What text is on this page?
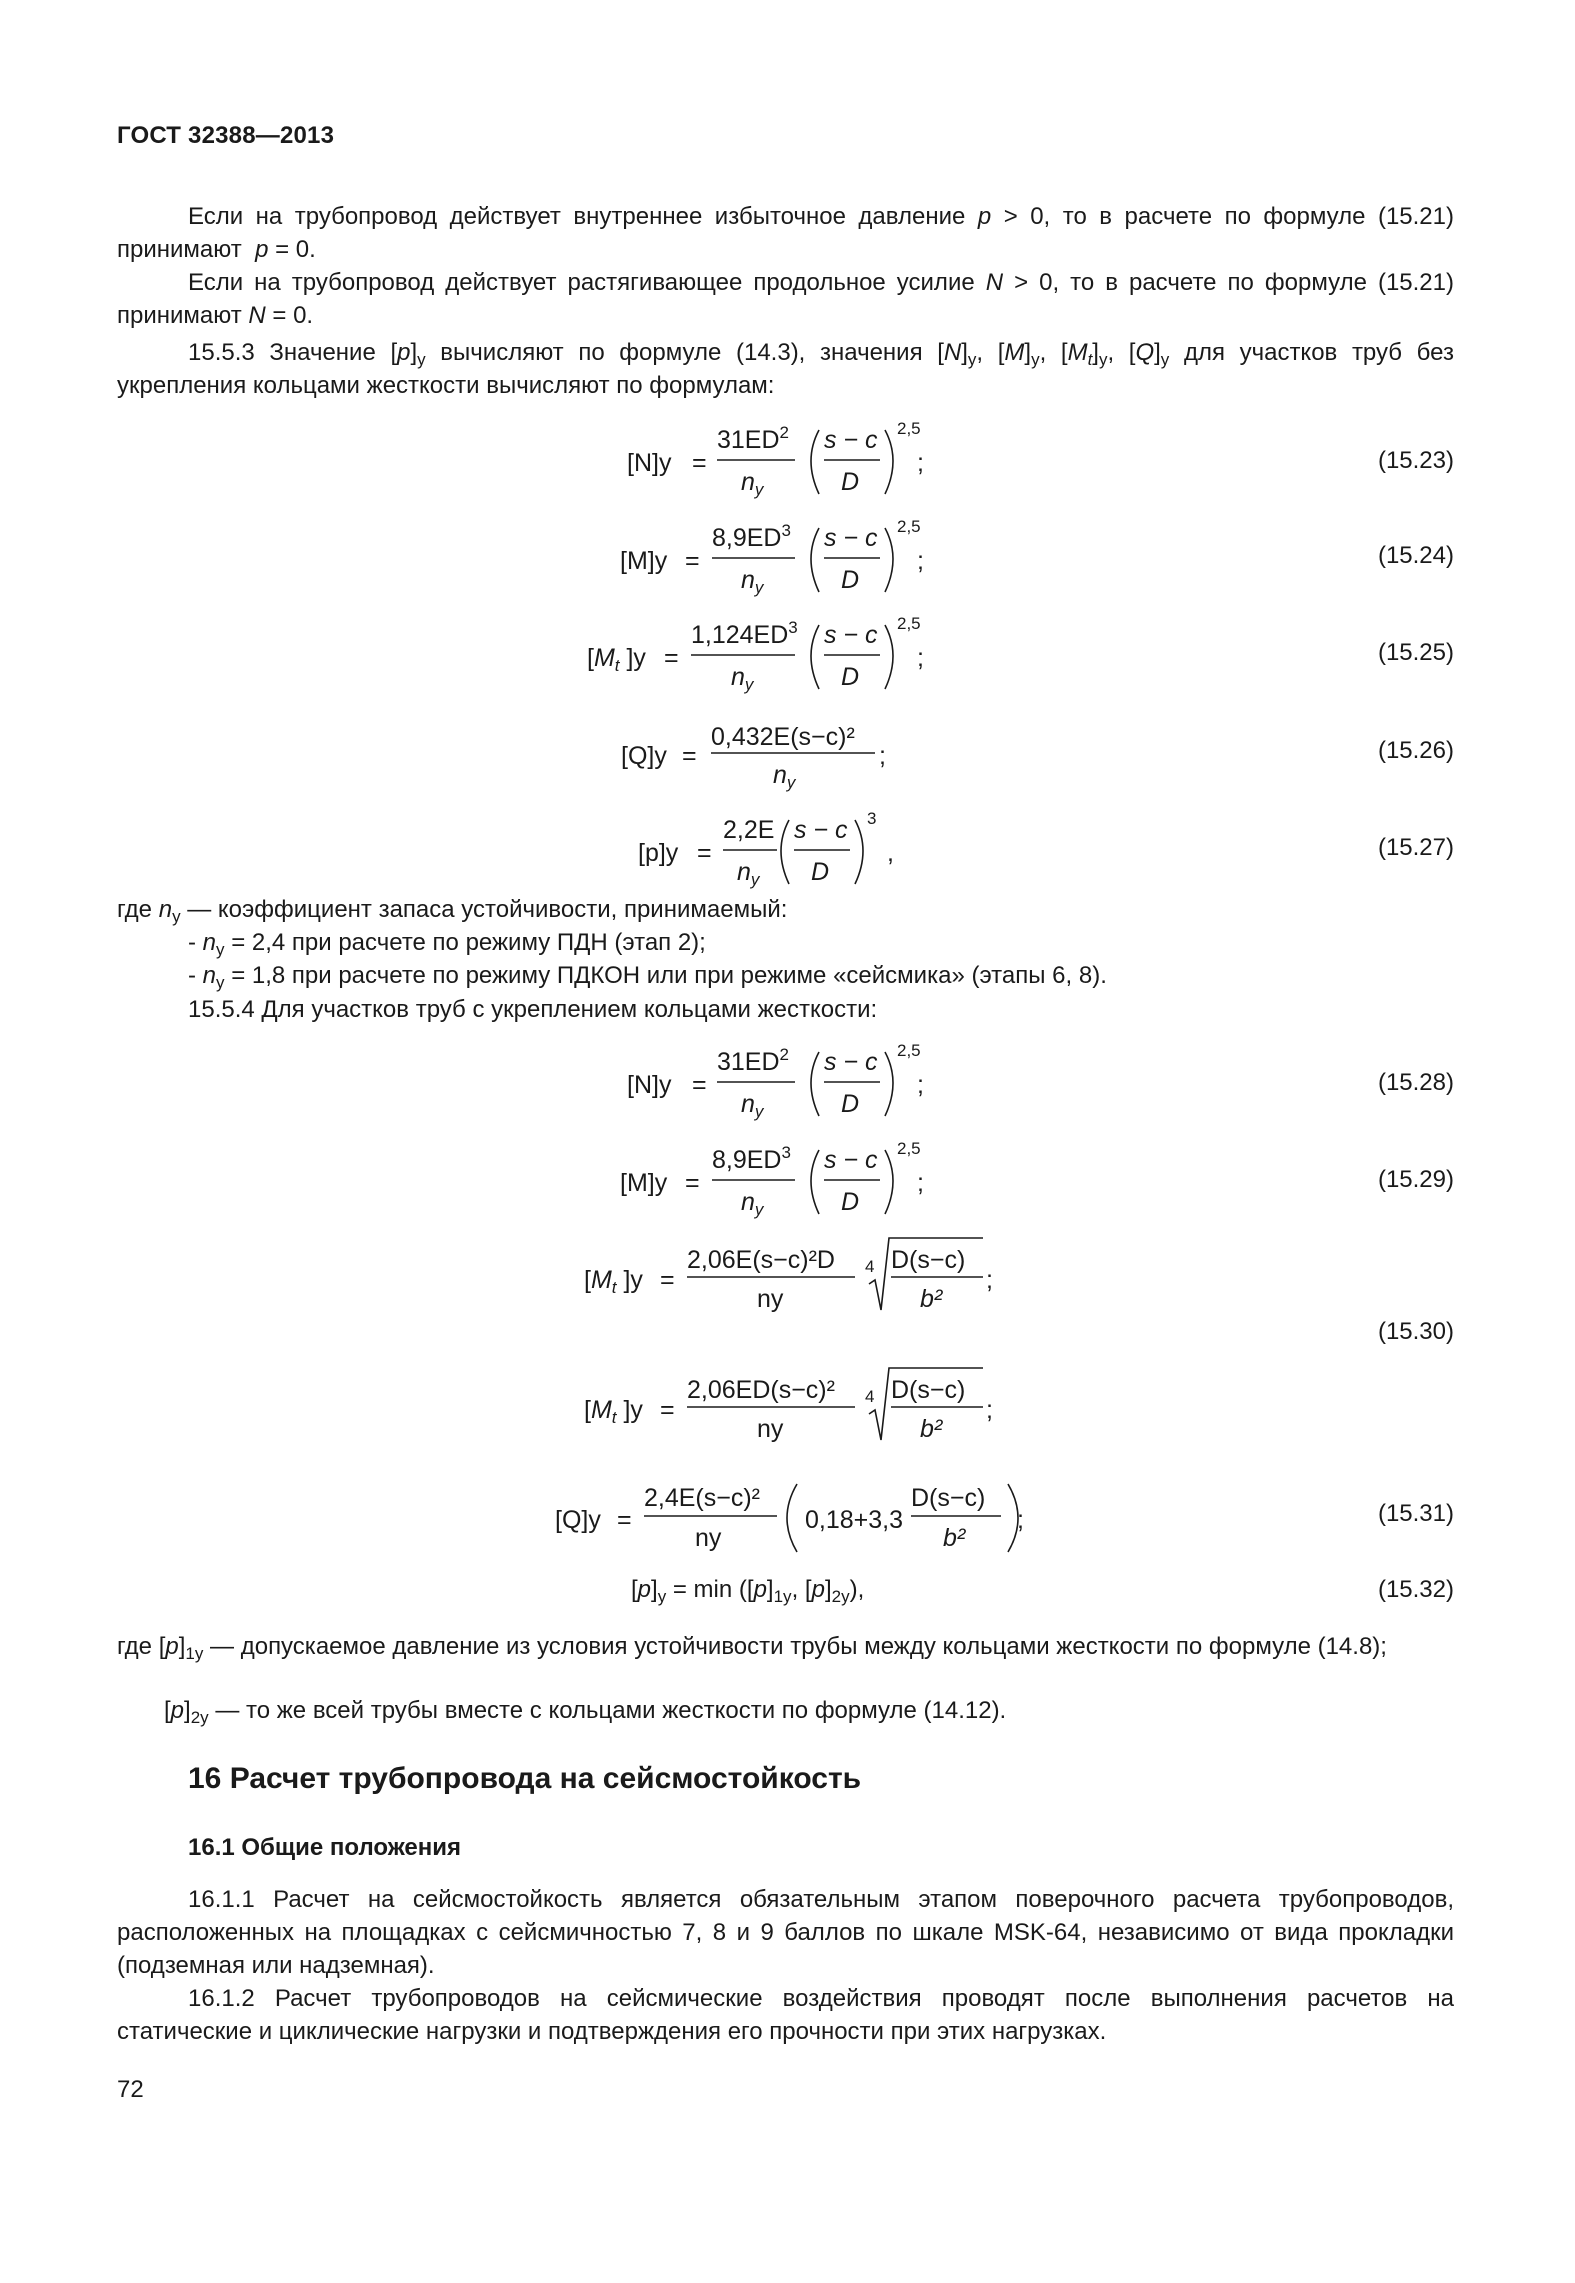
ГОСТ 32388—2013

Если на трубопровод действует внутреннее избыточное давление p > 0, то в расчете по формуле (15.21) принимают  p = 0.

Если на трубопровод действует растягивающее продольное усилие N > 0, то в расчете по формуле (15.21) принимают N = 0.

15.5.3 Значение $[p]_у$ вычисляют по формуле (14.3), значения $[N]_у$, $[M]_у$, $[M_t]_у$, $[Q]_у$ для участков труб без укрепления кольцами жесткости вычисляют по формулам:

[N]у =
$31ED^2$
$n_y$
s − c
D
2,5
;	(15.23)
[M]у =
$8,9ED^3$
$n_y$
s − c
D
2,5
;	(15.24)
[$M_t$ ]у =
$1,124ED^3$
$n_y$
s − c
D
2,5
;	(15.25)
[Q]у =
0,432E(s−c)²
$n_y$
;	(15.26)
[p]у =
2,2E
$n_y$
s − c
D
3
,	(15.27)

где $n_у$ — коэффициент запаса устойчивости, принимаемый:

- $n_у = 2,4$ при расчете по режиму ПДН (этап 2);

- $n_у = 1,8$ при расчете по режиму ПДКОН или при режиме «сейсмика» (этапы 6, 8).

15.5.4 Для участков труб с укреплением кольцами жесткости:

[N]у =
$31ED^2$
$n_y$
s − c
D
2,5
;	(15.28)
[M]у =
$8,9ED^3$
$n_y$
s − c
D
2,5
;	(15.29)
[$M_t$ ]у =
2,06E(s−c)²D
nу
4 D(s−c)
b²
;
[$M_t$ ]у =
2,06ED(s−c)²
nу
4 D(s−c)
b²
;
(15.30)
[Q]у =
2,4E(s−c)²
nу
0,18+3,3
D(s−c)
b²
;	(15.31)
$[p]_у = \min ([p]_{1у}$, $[p]_{2у}$),	(15.32)

где $[p]_{1у}$ — допускаемое давление из условия устойчивости трубы между кольцами жесткости по формуле (14.8);

$[p]_{2у}$ — то же всей трубы вместе с кольцами жесткости по формуле (14.12).

16 Расчет трубопровода на сейсмостойкость
16.1 Общие положения

16.1.1 Расчет на сейсмостойкость является обязательным этапом поверочного расчета трубопроводов, расположенных на площадках с сейсмичностью 7, 8 и 9 баллов по шкале MSK-64, независимо от вида прокладки (подземная или надземная).

16.1.2 Расчет трубопроводов на сейсмические воздействия проводят после выполнения расчетов на статические и циклические нагрузки и подтверждения его прочности при этих нагрузках.

72
